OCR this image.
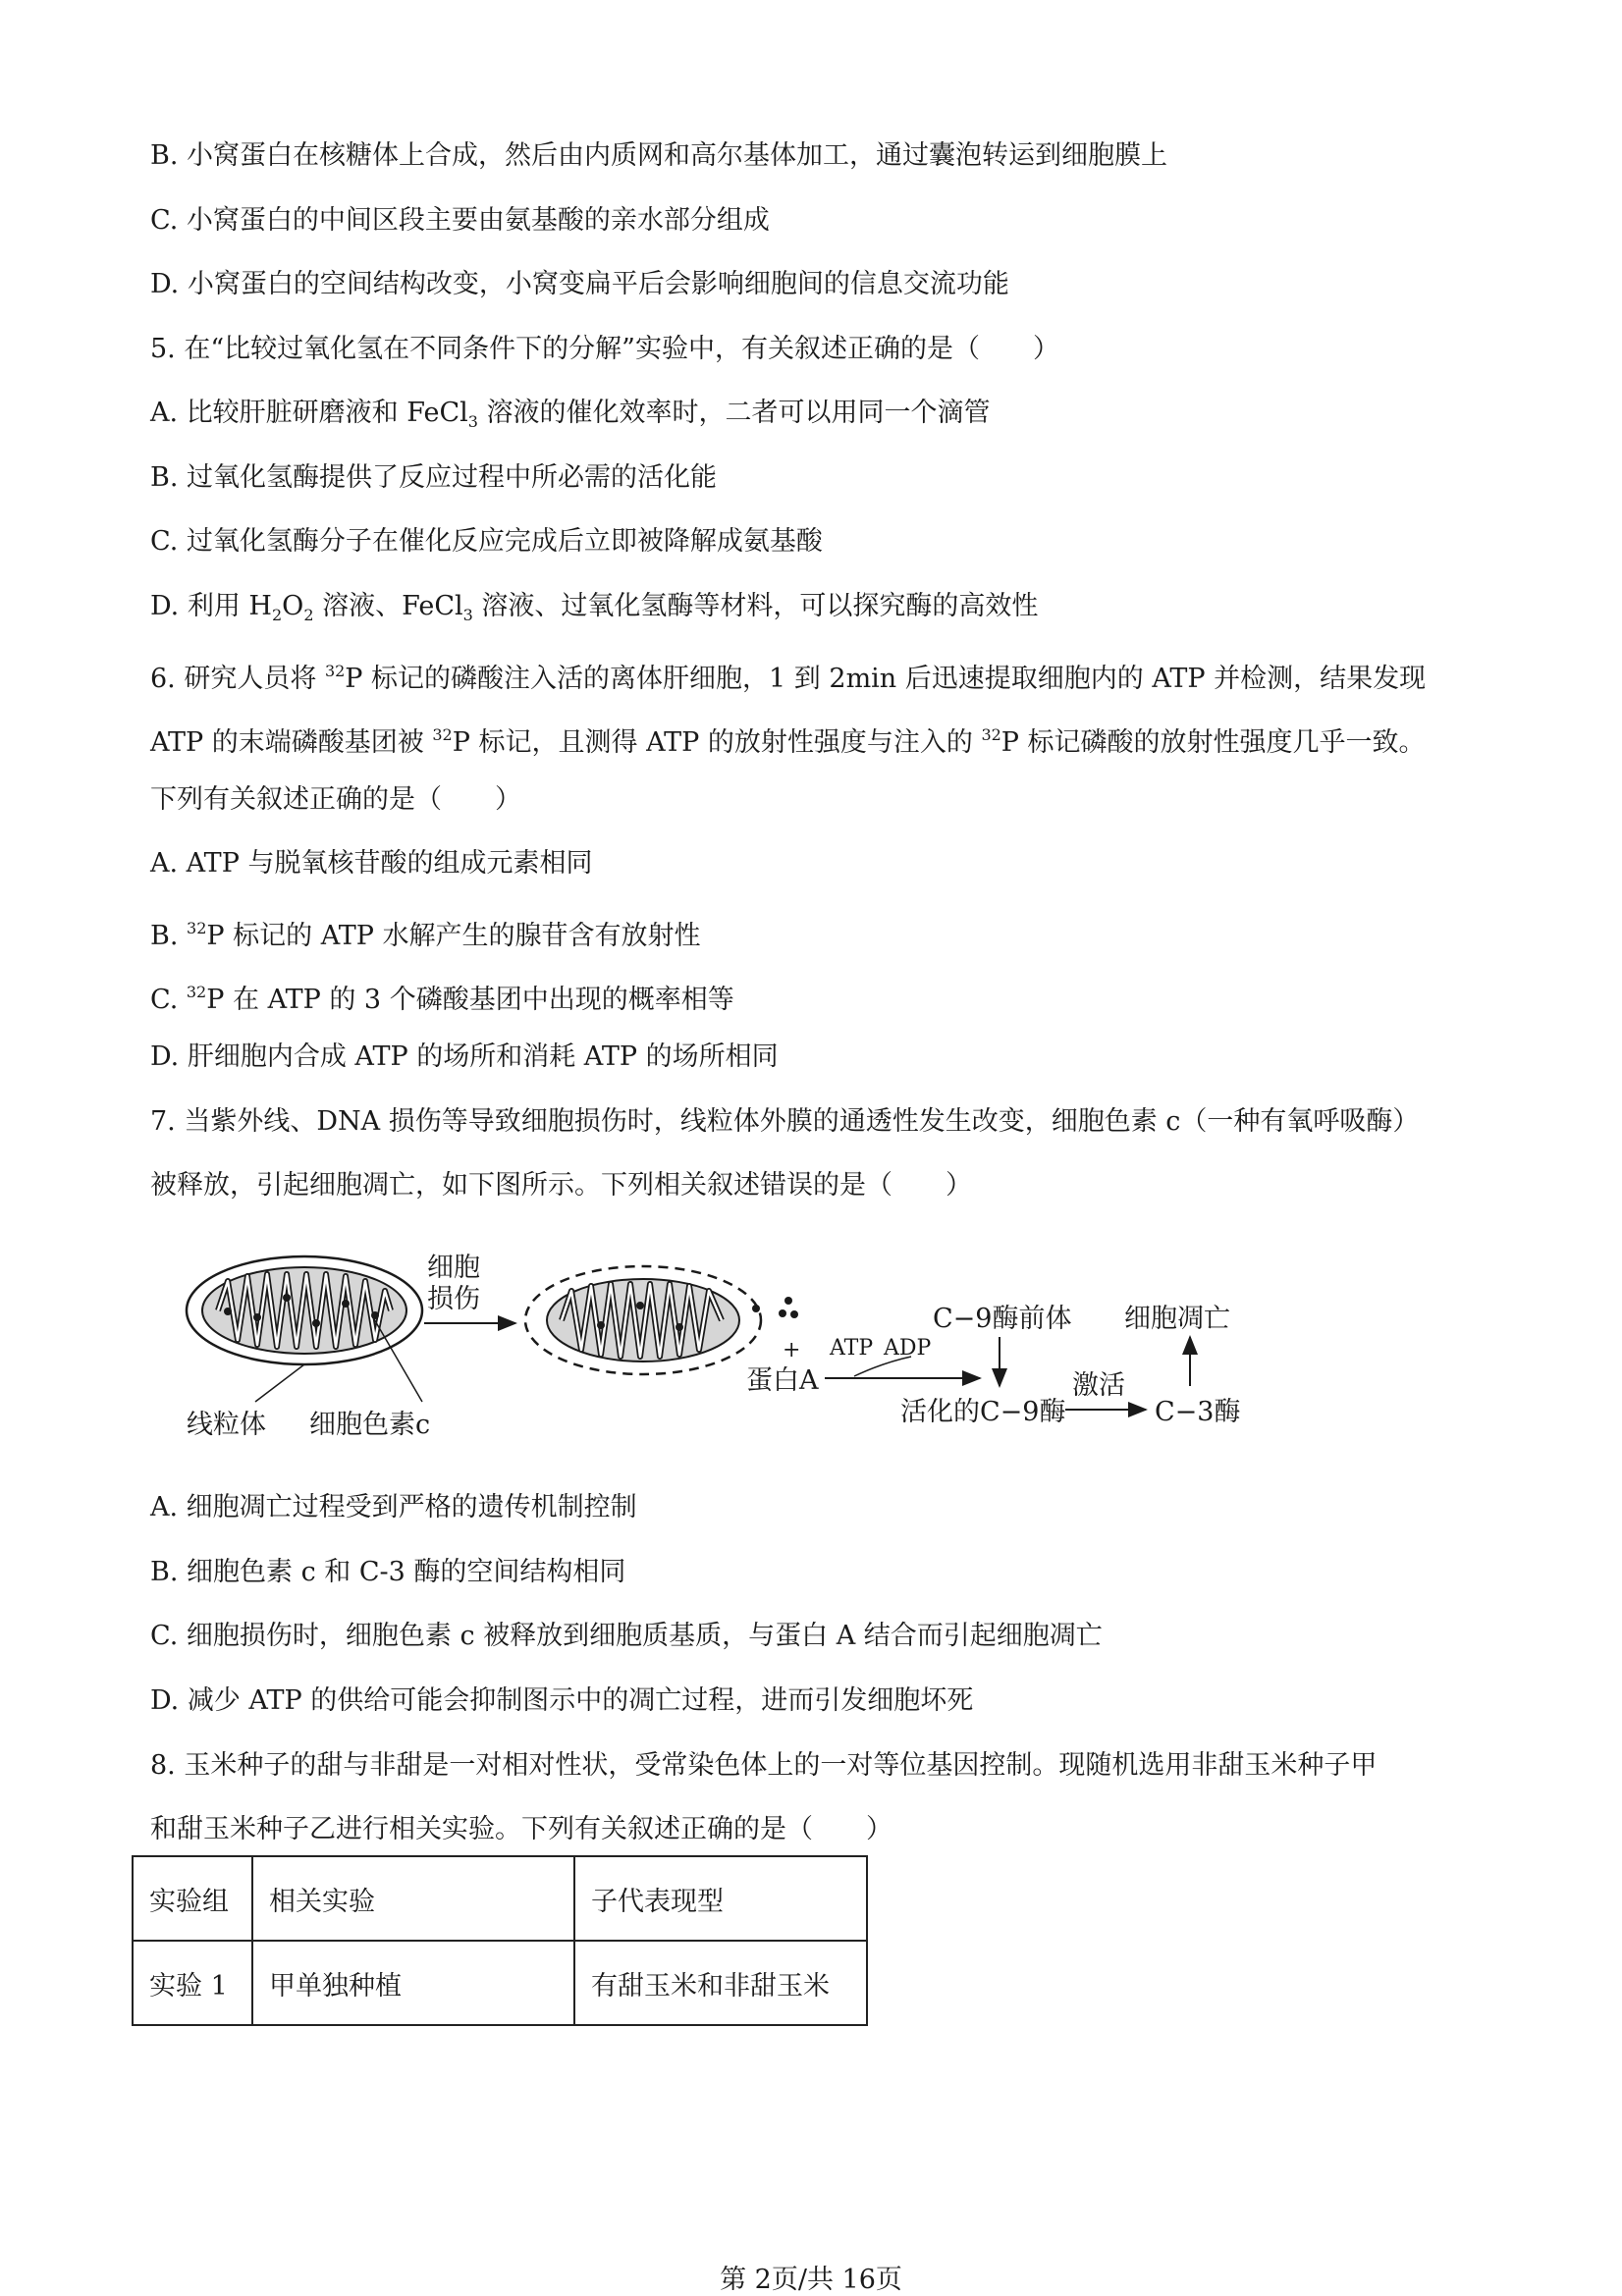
B. 小窝蛋白在核糖体上合成，然后由内质网和高尔基体加工，通过囊泡转运到细胞膜上
C. 小窝蛋白的中间区段主要由氨基酸的亲水部分组成
D. 小窝蛋白的空间结构改变，小窝变扁平后会影响细胞间的信息交流功能
5. 在“比较过氧化氢在不同条件下的分解”实验中，有关叙述正确的是（　　）
A. 比较肝脏研磨液和 FeCl$_3$ 溶液的催化效率时，二者可以用同一个滴管
B. 过氧化氢酶提供了反应过程中所必需的活化能
C. 过氧化氢酶分子在催化反应完成后立即被降解成氨基酸
D. 利用 $H_2O_2$ 溶液、FeCl$_3$ 溶液、过氧化氢酶等材料，可以探究酶的高效性
6. 研究人员将 $^{32}$P 标记的磷酸注入活的离体肝细胞，1 到 2min 后迅速提取细胞内的 ATP 并检测，结果发现
ATP 的末端磷酸基团被 $^{32}$P 标记，且测得 ATP 的放射性强度与注入的 $^{32}$P 标记磷酸的放射性强度几乎一致。
下列有关叙述正确的是（　　）
A. ATP 与脱氧核苷酸的组成元素相同
B. $^{32}$P 标记的 ATP 水解产生的腺苷含有放射性
C. $^{32}$P 在 ATP 的 3 个磷酸基团中出现的概率相等
D. 肝细胞内合成 ATP 的场所和消耗 ATP 的场所相同
7. 当紫外线、DNA 损伤等导致细胞损伤时，线粒体外膜的通透性发生改变，细胞色素 c（一种有氧呼吸酶）
被释放，引起细胞凋亡，如下图所示。下列相关叙述错误的是（　　）
线粒体 细胞色素c
细胞
损伤
+
蛋白A
ATP ADP
C−9酶前体
活化的C−9酶
激活
C−3酶
细胞凋亡
A. 细胞凋亡过程受到严格的遗传机制控制
B. 细胞色素 c 和 C-3 酶的空间结构相同
C. 细胞损伤时，细胞色素 c 被释放到细胞质基质，与蛋白 A 结合而引起细胞凋亡
D. 减少 ATP 的供给可能会抑制图示中的凋亡过程，进而引发细胞坏死
8. 玉米种子的甜与非甜是一对相对性状，受常染色体上的一对等位基因控制。现随机选用非甜玉米种子甲
和甜玉米种子乙进行相关实验。下列有关叙述正确的是（　　）
实验组	相关实验	子代表现型
实验 1	甲单独种植	有甜玉米和非甜玉米
第 2页/共 16页
